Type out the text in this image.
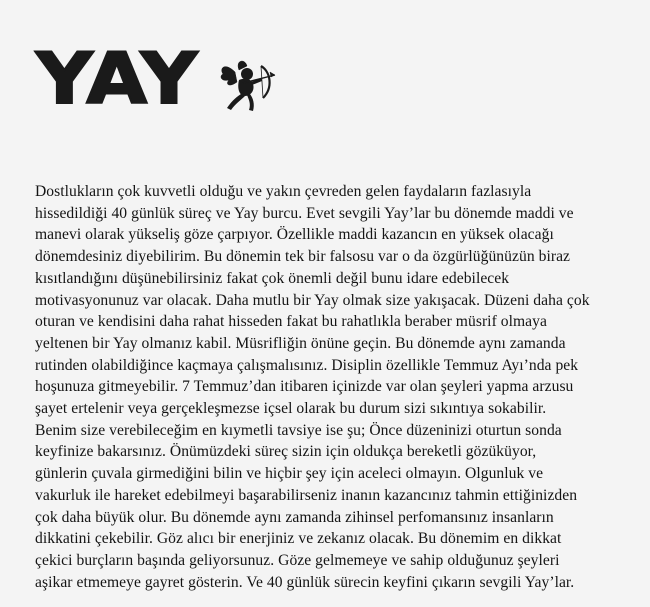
YAY
Dostlukların çok kuvvetli olduğu ve yakın çevreden gelen faydaların fazlasıyla
hissedildiği 40 günlük süreç ve Yay burcu. Evet sevgili Yay’lar bu dönemde maddi ve
manevi olarak yükseliş göze çarpıyor. Özellikle maddi kazancın en yüksek olacağı
dönemdesiniz diyebilirim. Bu dönemin tek bir falsosu var o da özgürlüğünüzün biraz
kısıtlandığını düşünebilirsiniz fakat çok önemli değil bunu idare edebilecek
motivasyonunuz var olacak. Daha mutlu bir Yay olmak size yakışacak. Düzeni daha çok
oturan ve kendisini daha rahat hisseden fakat bu rahatlıkla beraber müsrif olmaya
yeltenen bir Yay olmanız kabil. Müsrifliğin önüne geçin. Bu dönemde aynı zamanda
rutinden olabildiğince kaçmaya çalışmalısınız. Disiplin özellikle Temmuz Ayı’nda pek
hoşunuza gitmeyebilir. 7 Temmuz’dan itibaren içinizde var olan şeyleri yapma arzusu
şayet ertelenir veya gerçekleşmezse içsel olarak bu durum sizi sıkıntıya sokabilir.
Benim size verebileceğim en kıymetli tavsiye ise şu; Önce düzeninizi oturtun sonda
keyfinize bakarsınız. Önümüzdeki süreç sizin için oldukça bereketli gözüküyor,
günlerin çuvala girmediğini bilin ve hiçbir şey için aceleci olmayın. Olgunluk ve
vakurluk ile hareket edebilmeyi başarabilirseniz inanın kazancınız tahmin ettiğinizden
çok daha büyük olur. Bu dönemde aynı zamanda zihinsel perfomansınız insanların
dikkatini çekebilir. Göz alıcı bir enerjiniz ve zekanız olacak. Bu dönemim en dikkat
çekici burçların başında geliyorsunuz. Göze gelmemeye ve sahip olduğunuz şeyleri
aşikar etmemeye gayret gösterin. Ve 40 günlük sürecin keyfini çıkarın sevgili Yay’lar.
